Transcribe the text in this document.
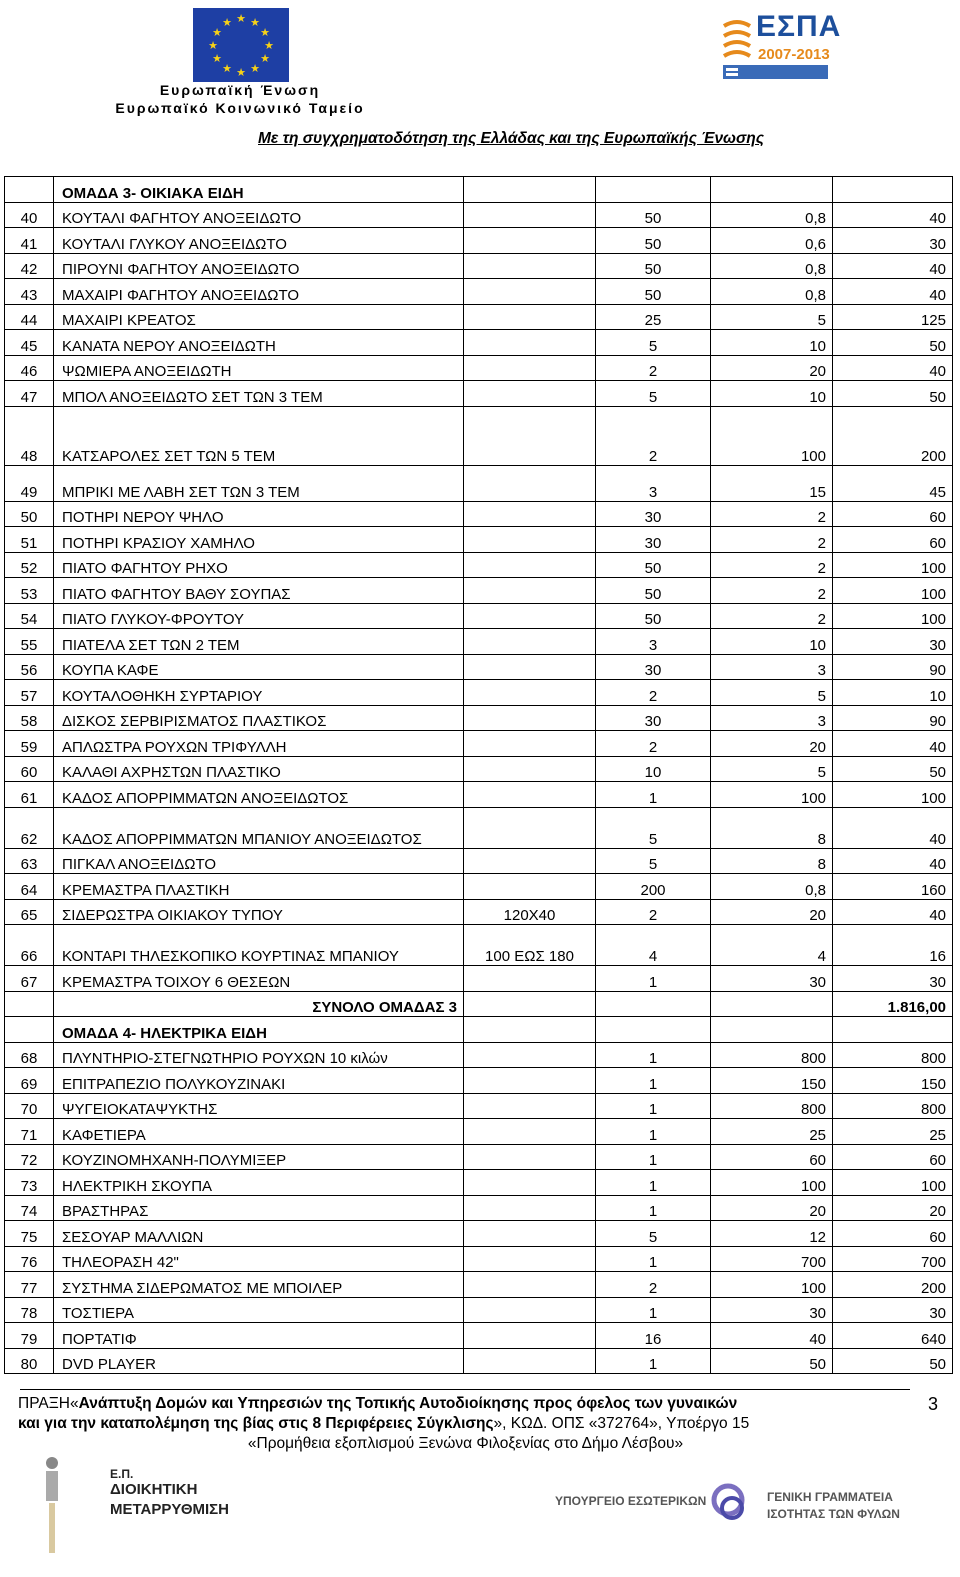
★ ★
★
★
★
★
★
★
★
★
★
★
Ευρωπαϊκή Ένωση
Ευρωπαϊκό Κοινωνικό Ταμείο
ΕΣΠΑ
2007-2013
Με τη συγχρηματοδότηση της Ελλάδας και της Ευρωπαϊκής Ένωσης
	ΟΜΑΔΑ 3- ΟΙΚΙΑΚΑ ΕΙΔΗ				
40	ΚΟΥΤΑΛΙ ΦΑΓΗΤΟΥ ΑΝΟΞΕΙΔΩΤΟ		50	0,8	40
41	ΚΟΥΤΑΛΙ ΓΛΥΚΟΥ ΑΝΟΞΕΙΔΩΤΟ		50	0,6	30
42	ΠΙΡΟΥΝΙ ΦΑΓΗΤΟΥ ΑΝΟΞΕΙΔΩΤΟ		50	0,8	40
43	ΜΑΧΑΙΡΙ ΦΑΓΗΤΟΥ ΑΝΟΞΕΙΔΩΤΟ		50	0,8	40
44	ΜΑΧΑΙΡΙ ΚΡΕΑΤΟΣ		25	5	125
45	ΚΑΝΑΤΑ ΝΕΡΟΥ ΑΝΟΞΕΙΔΩΤΗ		5	10	50
46	ΨΩΜΙΕΡΑ ΑΝΟΞΕΙΔΩΤΗ		2	20	40
47	ΜΠΟΛ ΑΝΟΞΕΙΔΩΤΟ ΣΕΤ ΤΩΝ 3 ΤΕΜ		5	10	50
48	ΚΑΤΣΑΡΟΛΕΣ ΣΕΤ ΤΩΝ 5 ΤΕΜ		2	100	200
49	ΜΠΡΙΚΙ ΜΕ ΛΑΒΗ ΣΕΤ ΤΩΝ 3 ΤΕΜ		3	15	45
50	ΠΟΤΗΡΙ ΝΕΡΟΥ ΨΗΛΟ		30	2	60
51	ΠΟΤΗΡΙ ΚΡΑΣΙΟΥ ΧΑΜΗΛΟ		30	2	60
52	ΠΙΑΤΟ ΦΑΓΗΤΟΥ ΡΗΧΟ		50	2	100
53	ΠΙΑΤΟ ΦΑΓΗΤΟΥ ΒΑΘΥ ΣΟΥΠΑΣ		50	2	100
54	ΠΙΑΤΟ ΓΛΥΚΟΥ-ΦΡΟΥΤΟΥ		50	2	100
55	ΠΙΑΤΕΛΑ ΣΕΤ ΤΩΝ 2 ΤΕΜ		3	10	30
56	ΚΟΥΠΑ ΚΑΦΕ		30	3	90
57	ΚΟΥΤΑΛΟΘΗΚΗ ΣΥΡΤΑΡΙΟΥ		2	5	10
58	ΔΙΣΚΟΣ ΣΕΡΒΙΡΙΣΜΑΤΟΣ ΠΛΑΣΤΙΚΟΣ		30	3	90
59	ΑΠΛΩΣΤΡΑ ΡΟΥΧΩΝ ΤΡΙΦΥΛΛΗ		2	20	40
60	ΚΑΛΑΘΙ ΑΧΡΗΣΤΩΝ ΠΛΑΣΤΙΚΟ		10	5	50
61	ΚΑΔΟΣ ΑΠΟΡΡΙΜΜΑΤΩΝ ΑΝΟΞΕΙΔΩΤΟΣ		1	100	100
62	ΚΑΔΟΣ ΑΠΟΡΡΙΜΜΑΤΩΝ ΜΠΑΝΙΟΥ ΑΝΟΞΕΙΔΩΤΟΣ		5	8	40
63	ΠΙΓΚΑΛ ΑΝΟΞΕΙΔΩΤΟ		5	8	40
64	ΚΡΕΜΑΣΤΡΑ ΠΛΑΣΤΙΚΗ		200	0,8	160
65	ΣΙΔΕΡΩΣΤΡΑ ΟΙΚΙΑΚΟΥ ΤΥΠΟΥ	120Χ40	2	20	40
66	ΚΟΝΤΑΡΙ ΤΗΛΕΣΚΟΠΙΚΟ ΚΟΥΡΤΙΝΑΣ ΜΠΑΝΙΟΥ	100 ΕΩΣ 180	4	4	16
67	ΚΡΕΜΑΣΤΡΑ ΤΟΙΧΟΥ 6 ΘΕΣΕΩΝ		1	30	30
	ΣΥΝΟΛΟ ΟΜΑΔΑΣ 3				1.816,00
	ΟΜΑΔΑ 4- ΗΛΕΚΤΡΙΚΑ ΕΙΔΗ				
68	ΠΛΥΝΤΗΡΙΟ-ΣΤΕΓΝΩΤΗΡΙΟ ΡΟΥΧΩΝ 10 κιλών		1	800	800
69	ΕΠΙΤΡΑΠΕΖΙΟ ΠΟΛΥΚΟΥΖΙΝΑΚΙ		1	150	150
70	ΨΥΓΕΙΟΚΑΤΑΨΥΚΤΗΣ		1	800	800
71	ΚΑΦΕΤΙΕΡΑ		1	25	25
72	ΚΟΥΖΙΝΟΜΗΧΑΝΗ-ΠΟΛΥΜΙΞΕΡ		1	60	60
73	ΗΛΕΚΤΡΙΚΗ ΣΚΟΥΠΑ		1	100	100
74	ΒΡΑΣΤΗΡΑΣ		1	20	20
75	ΣΕΣΟΥΑΡ ΜΑΛΛΙΩΝ		5	12	60
76	ΤΗΛΕΟΡΑΣΗ 42"		1	700	700
77	ΣΥΣΤΗΜΑ ΣΙΔΕΡΩΜΑΤΟΣ ΜΕ ΜΠΟΙΛΕΡ		2	100	200
78	ΤΟΣΤΙΕΡΑ		1	30	30
79	ΠΟΡΤΑΤΙΦ		16	40	640
80	DVD PLAYER		1	50	50
ΠΡΑΞΗ«Ανάπτυξη Δομών και Υπηρεσιών της Τοπικής Αυτοδιοίκησης προς όφελος των γυναικών
και για την καταπολέμηση της βίας στις 8 Περιφέρειες Σύγκλισης», ΚΩΔ. ΟΠΣ «372764», Υποέργο 15
«Προμήθεια εξοπλισμού Ξενώνα Φιλοξενίας στο Δήμο Λέσβου»
3
Ε.Π.
ΔΙΟΙΚΗΤΙΚΗ
ΜΕΤΑΡΡΥΘΜΙΣΗ	ΥΠΟΥΡΓΕΙΟ ΕΣΩΤΕΡΙΚΩΝ	ΓΕΝΙΚΗ ΓΡΑΜΜΑΤΕΙΑ
ΙΣΟΤΗΤΑΣ ΤΩΝ ΦΥΛΩΝ
